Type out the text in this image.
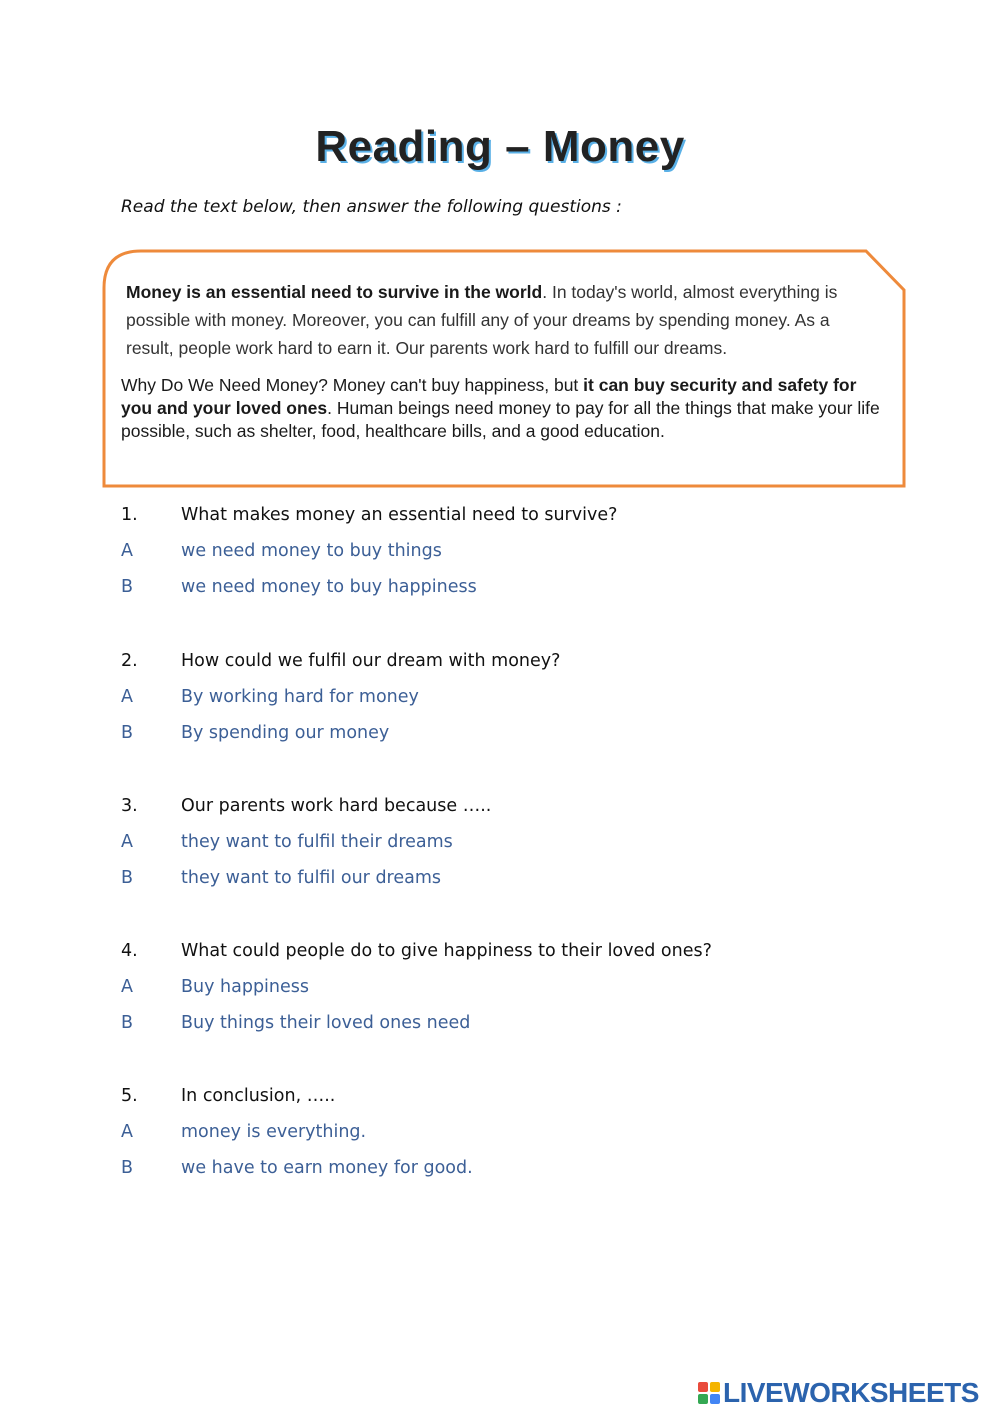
Reading – Money
Read the text below, then answer the following questions :

Money is an essential need to survive in the world. In today's world, almost everything is possible with money. Moreover, you can fulfill any of your dreams by spending money. As a result, people work hard to earn it. Our parents work hard to fulfill our dreams.

Why Do We Need Money? Money can't buy happiness, but it can buy security and safety for you and your loved ones. Human beings need money to pay for all the things that make your life possible, such as shelter, food, healthcare bills, and a good education.

1.	What makes money an essential need to survive?
A	we need money to buy things
B	we need money to buy happiness
2.	How could we fulfil our dream with money?
A	By working hard for money
B	By spending our money
3.	Our parents work hard because …..
A	they want to fulfil their dreams
B	they want to fulfil our dreams
4.	What could people do to give happiness to their loved ones?
A	Buy happiness
B	Buy things their loved ones need
5.	In conclusion, …..
A	money is everything.
B	we have to earn money for good.
LIVEWORKSHEETS
